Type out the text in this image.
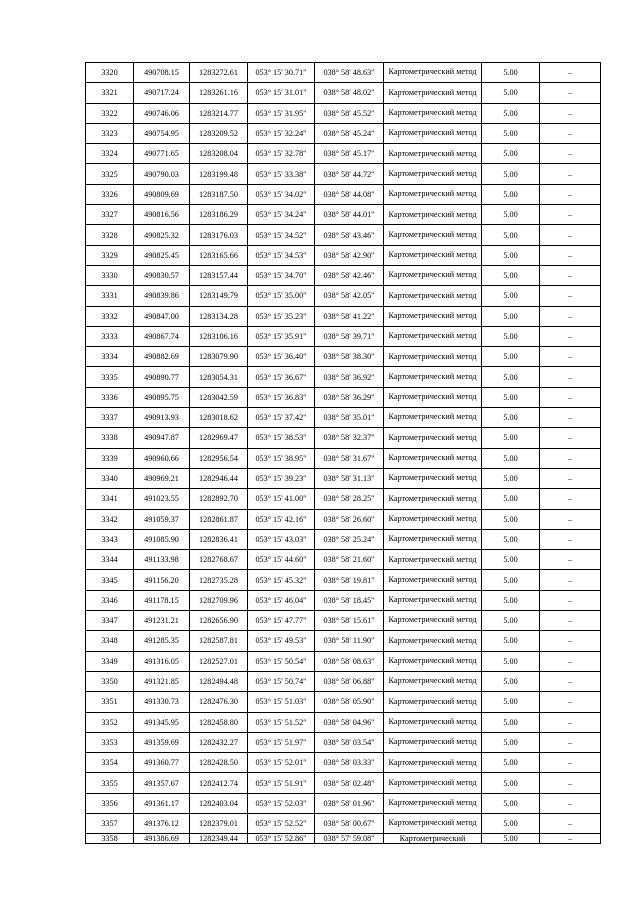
3320	490708.15	1283272.61	053° 15' 30.71"	038° 58' 48.63"	Картометрический метод	5.00	–
3321	490717.24	1283261.16	053° 15' 31.01"	038° 58' 48.02"	Картометрический метод	5.00	–
3322	490746.06	1283214.77	053° 15' 31.95"	038° 58' 45.52"	Картометрический метод	5.00	–
3323	490754.95	1283209.52	053° 15' 32.24"	038° 58' 45.24"	Картометрический метод	5.00	–
3324	490771.65	1283208.04	053° 15' 32.78"	038° 58' 45.17"	Картометрический метод	5.00	–
3325	490790.03	1283199.48	053° 15' 33.38"	038° 58' 44.72"	Картометрический метод	5.00	–
3326	490809.69	1283187.50	053° 15' 34.02"	038° 58' 44.08"	Картометрический метод	5.00	–
3327	490816.56	1283186.29	053° 15' 34.24"	038° 58' 44.01"	Картометрический метод	5.00	–
3328	490825.32	1283176.03	053° 15' 34.52"	038° 58' 43.46"	Картометрический метод	5.00	–
3329	490825.45	1283165.66	053° 15' 34.53"	038° 58' 42.90"	Картометрический метод	5.00	–
3330	490830.57	1283157.44	053° 15' 34.70"	038° 58' 42.46"	Картометрический метод	5.00	–
3331	490839.86	1283149.79	053° 15' 35.00"	038° 58' 42.05"	Картометрический метод	5.00	–
3332	490847.00	1283134.28	053° 15' 35.23"	038° 58' 41.22"	Картометрический метод	5.00	–
3333	490867.74	1283106.16	053° 15' 35.91"	038° 58' 39.71"	Картометрический метод	5.00	–
3334	490882.69	1283079.90	053° 15' 36.40"	038° 58' 38.30"	Картометрический метод	5.00	–
3335	490890.77	1283054.31	053° 15' 36.67"	038° 58' 36.92"	Картометрический метод	5.00	–
3336	490895.75	1283042.59	053° 15' 36.83"	038° 58' 36.29"	Картометрический метод	5.00	–
3337	490913.93	1283018.62	053° 15' 37.42"	038° 58' 35.01"	Картометрический метод	5.00	–
3338	490947.87	1282969.47	053° 15' 38.53"	038° 58' 32.37"	Картометрический метод	5.00	–
3339	490960.66	1282956.54	053° 15' 38.95"	038° 58' 31.67"	Картометрический метод	5.00	–
3340	490969.21	1282946.44	053° 15' 39.23"	038° 58' 31.13"	Картометрический метод	5.00	–
3341	491023.55	1282892.70	053° 15' 41.00"	038° 58' 28.25"	Картометрический метод	5.00	–
3342	491059.37	1282861.87	053° 15' 42.16"	038° 58' 26.60"	Картометрический метод	5.00	–
3343	491085.90	1282836.41	053° 15' 43.03"	038° 58' 25.24"	Картометрический метод	5.00	–
3344	491133.98	1282768.67	053° 15' 44.60"	038° 58' 21.60"	Картометрический метод	5.00	–
3345	491156.20	1282735.28	053° 15' 45.32"	038° 58' 19.81"	Картометрический метод	5.00	–
3346	491178.15	1282709.96	053° 15' 46.04"	038° 58' 18.45"	Картометрический метод	5.00	–
3347	491231.21	1282656.90	053° 15' 47.77"	038° 58' 15.61"	Картометрический метод	5.00	–
3348	491285.35	1282587.81	053° 15' 49.53"	038° 58' 11.90"	Картометрический метод	5.00	–
3349	491316.05	1282527.01	053° 15' 50.54"	038° 58' 08.63"	Картометрический метод	5.00	–
3350	491321.85	1282494.48	053° 15' 50.74"	038° 58' 06.88"	Картометрический метод	5.00	–
3351	491330.73	1282476.30	053° 15' 51.03"	038° 58' 05.90"	Картометрический метод	5.00	–
3352	491345.95	1282458.80	053° 15' 51.52"	038° 58' 04.96"	Картометрический метод	5.00	–
3353	491359.69	1282432.27	053° 15' 51.97"	038° 58' 03.54"	Картометрический метод	5.00	–
3354	491360.77	1282428.50	053° 15' 52.01"	038° 58' 03.33"	Картометрический метод	5.00	–
3355	491357.67	1282412.74	053° 15' 51.91"	038° 58' 02.48"	Картометрический метод	5.00	–
3356	491361.17	1282403.04	053° 15' 52.03"	038° 58' 01.96"	Картометрический метод	5.00	–
3357	491376.12	1282379.01	053° 15' 52.52"	038° 58' 00.67"	Картометрический метод	5.00	–
3358	491386.69	1282349.44	053° 15' 52.86"	038° 57' 59.08"	Картометрический	5.00	–
